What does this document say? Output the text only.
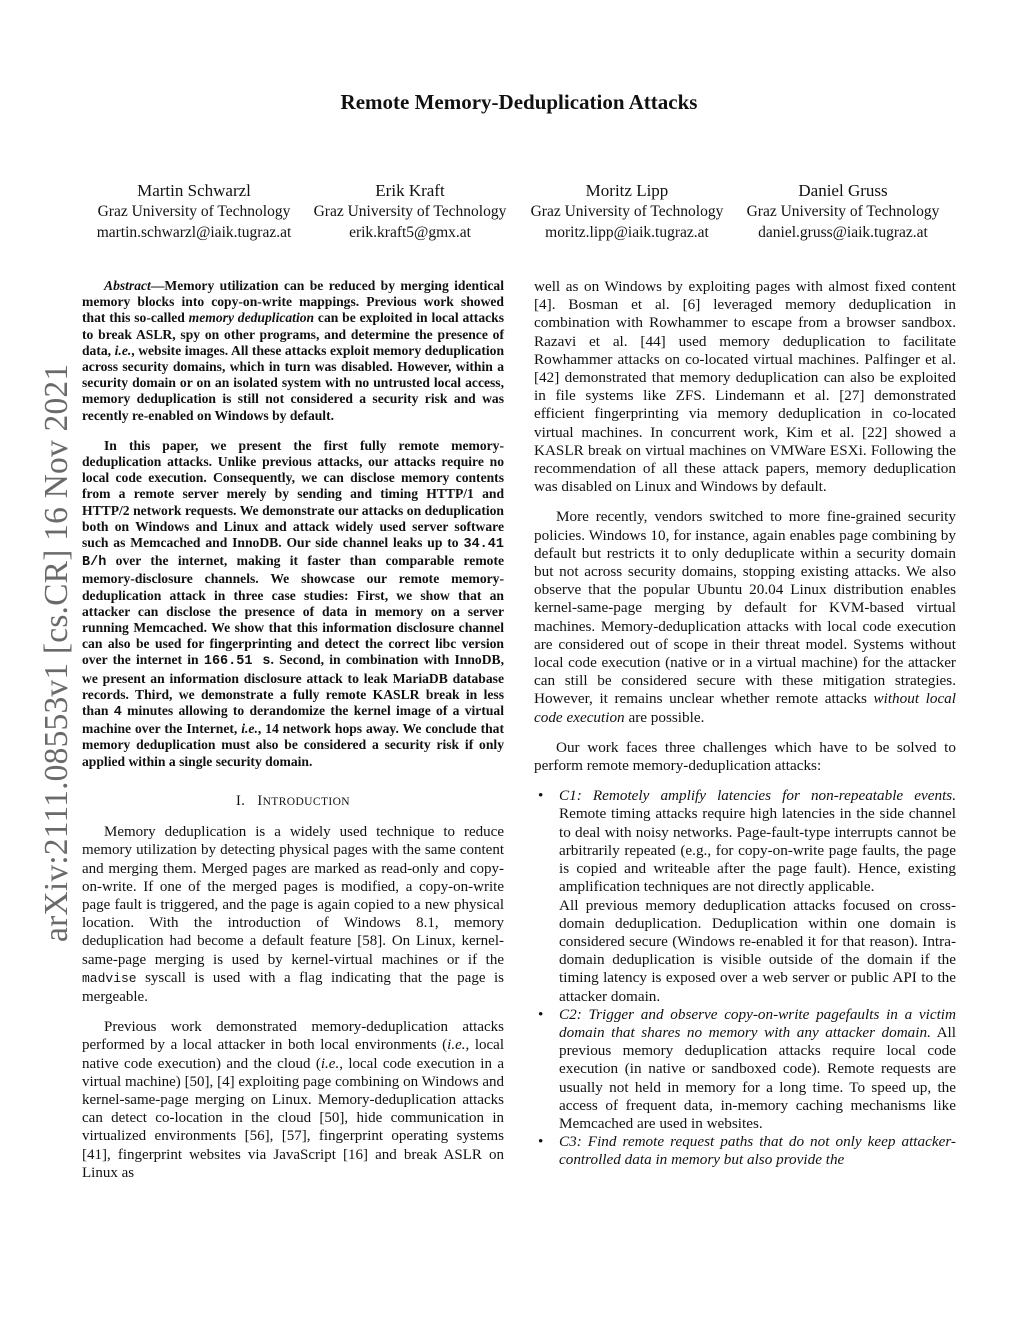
arXiv:2111.08553v1 [cs.CR] 16 Nov 2021
Remote Memory-Deduplication Attacks
Martin Schwarzl
Graz University of Technology
martin.schwarzl@iaik.tugraz.at
Erik Kraft
Graz University of Technology
erik.kraft5@gmx.at
Moritz Lipp
Graz University of Technology
moritz.lipp@iaik.tugraz.at
Daniel Gruss
Graz University of Technology
daniel.gruss@iaik.tugraz.at

Abstract—Memory utilization can be reduced by merging identical memory blocks into copy-on-write mappings. Previous work showed that this so-called memory deduplication can be exploited in local attacks to break ASLR, spy on other programs, and determine the presence of data, i.e., website images. All these attacks exploit memory deduplication across security domains, which in turn was disabled. However, within a security domain or on an isolated system with no untrusted local access, memory deduplication is still not considered a security risk and was recently re-enabled on Windows by default.

In this paper, we present the first fully remote memory-deduplication attacks. Unlike previous attacks, our attacks require no local code execution. Consequently, we can disclose memory contents from a remote server merely by sending and timing HTTP/1 and HTTP/2 network requests. We demonstrate our attacks on deduplication both on Windows and Linux and attack widely used server software such as Memcached and InnoDB. Our side channel leaks up to 34.41 B/h over the internet, making it faster than comparable remote memory-disclosure channels. We showcase our remote memory-deduplication attack in three case studies: First, we show that an attacker can disclose the presence of data in memory on a server running Memcached. We show that this information disclosure channel can also be used for fingerprinting and detect the correct libc version over the internet in 166.51 s. Second, in combination with InnoDB, we present an information disclosure attack to leak MariaDB database records. Third, we demonstrate a fully remote KASLR break in less than 4 minutes allowing to derandomize the kernel image of a virtual machine over the Internet, i.e., 14 network hops away. We conclude that memory deduplication must also be considered a security risk if only applied within a single security domain.

I. INTRODUCTION

Memory deduplication is a widely used technique to reduce memory utilization by detecting physical pages with the same content and merging them. Merged pages are marked as read-only and copy-on-write. If one of the merged pages is modified, a copy-on-write page fault is triggered, and the page is again copied to a new physical location. With the introduction of Windows 8.1, memory deduplication had become a default feature [58]. On Linux, kernel-same-page merging is used by kernel-virtual machines or if the madvise syscall is used with a flag indicating that the page is mergeable.

Previous work demonstrated memory-deduplication attacks performed by a local attacker in both local environments (i.e., local native code execution) and the cloud (i.e., local code execution in a virtual machine) [50], [4] exploiting page combining on Windows and kernel-same-page merging on Linux. Memory-deduplication attacks can detect co-location in the cloud [50], hide communication in virtualized environments [56], [57], fingerprint operating systems [41], fingerprint websites via JavaScript [16] and break ASLR on Linux as

well as on Windows by exploiting pages with almost fixed content [4]. Bosman et al. [6] leveraged memory deduplication in combination with Rowhammer to escape from a browser sandbox. Razavi et al. [44] used memory deduplication to facilitate Rowhammer attacks on co-located virtual machines. Palfinger et al. [42] demonstrated that memory deduplication can also be exploited in file systems like ZFS. Lindemann et al. [27] demonstrated efficient fingerprinting via memory deduplication in co-located virtual machines. In concurrent work, Kim et al. [22] showed a KASLR break on virtual machines on VMWare ESXi. Following the recommendation of all these attack papers, memory deduplication was disabled on Linux and Windows by default.

More recently, vendors switched to more fine-grained security policies. Windows 10, for instance, again enables page combining by default but restricts it to only deduplicate within a security domain but not across security domains, stopping existing attacks. We also observe that the popular Ubuntu 20.04 Linux distribution enables kernel-same-page merging by default for KVM-based virtual machines. Memory-deduplication attacks with local code execution are considered out of scope in their threat model. Systems without local code execution (native or in a virtual machine) for the attacker can still be considered secure with these mitigation strategies. However, it remains unclear whether remote attacks without local code execution are possible.

Our work faces three challenges which have to be solved to perform remote memory-deduplication attacks:

• C1: Remotely amplify latencies for non-repeatable events. Remote timing attacks require high latencies in the side channel to deal with noisy networks. Page-fault-type interrupts cannot be arbitrarily repeated (e.g., for copy-on-write page faults, the page is copied and writeable after the page fault). Hence, existing amplification techniques are not directly applicable.

All previous memory deduplication attacks focused on cross-domain deduplication. Deduplication within one domain is considered secure (Windows re-enabled it for that reason). Intra-domain deduplication is visible outside of the domain if the timing latency is exposed over a web server or public API to the attacker domain.

• C2: Trigger and observe copy-on-write pagefaults in a victim domain that shares no memory with any attacker domain. All previous memory deduplication attacks require local code execution (in native or sandboxed code). Remote requests are usually not held in memory for a long time. To speed up, the access of frequent data, in-memory caching mechanisms like Memcached are used in websites.

• C3: Find remote request paths that do not only keep attacker-controlled data in memory but also provide the
